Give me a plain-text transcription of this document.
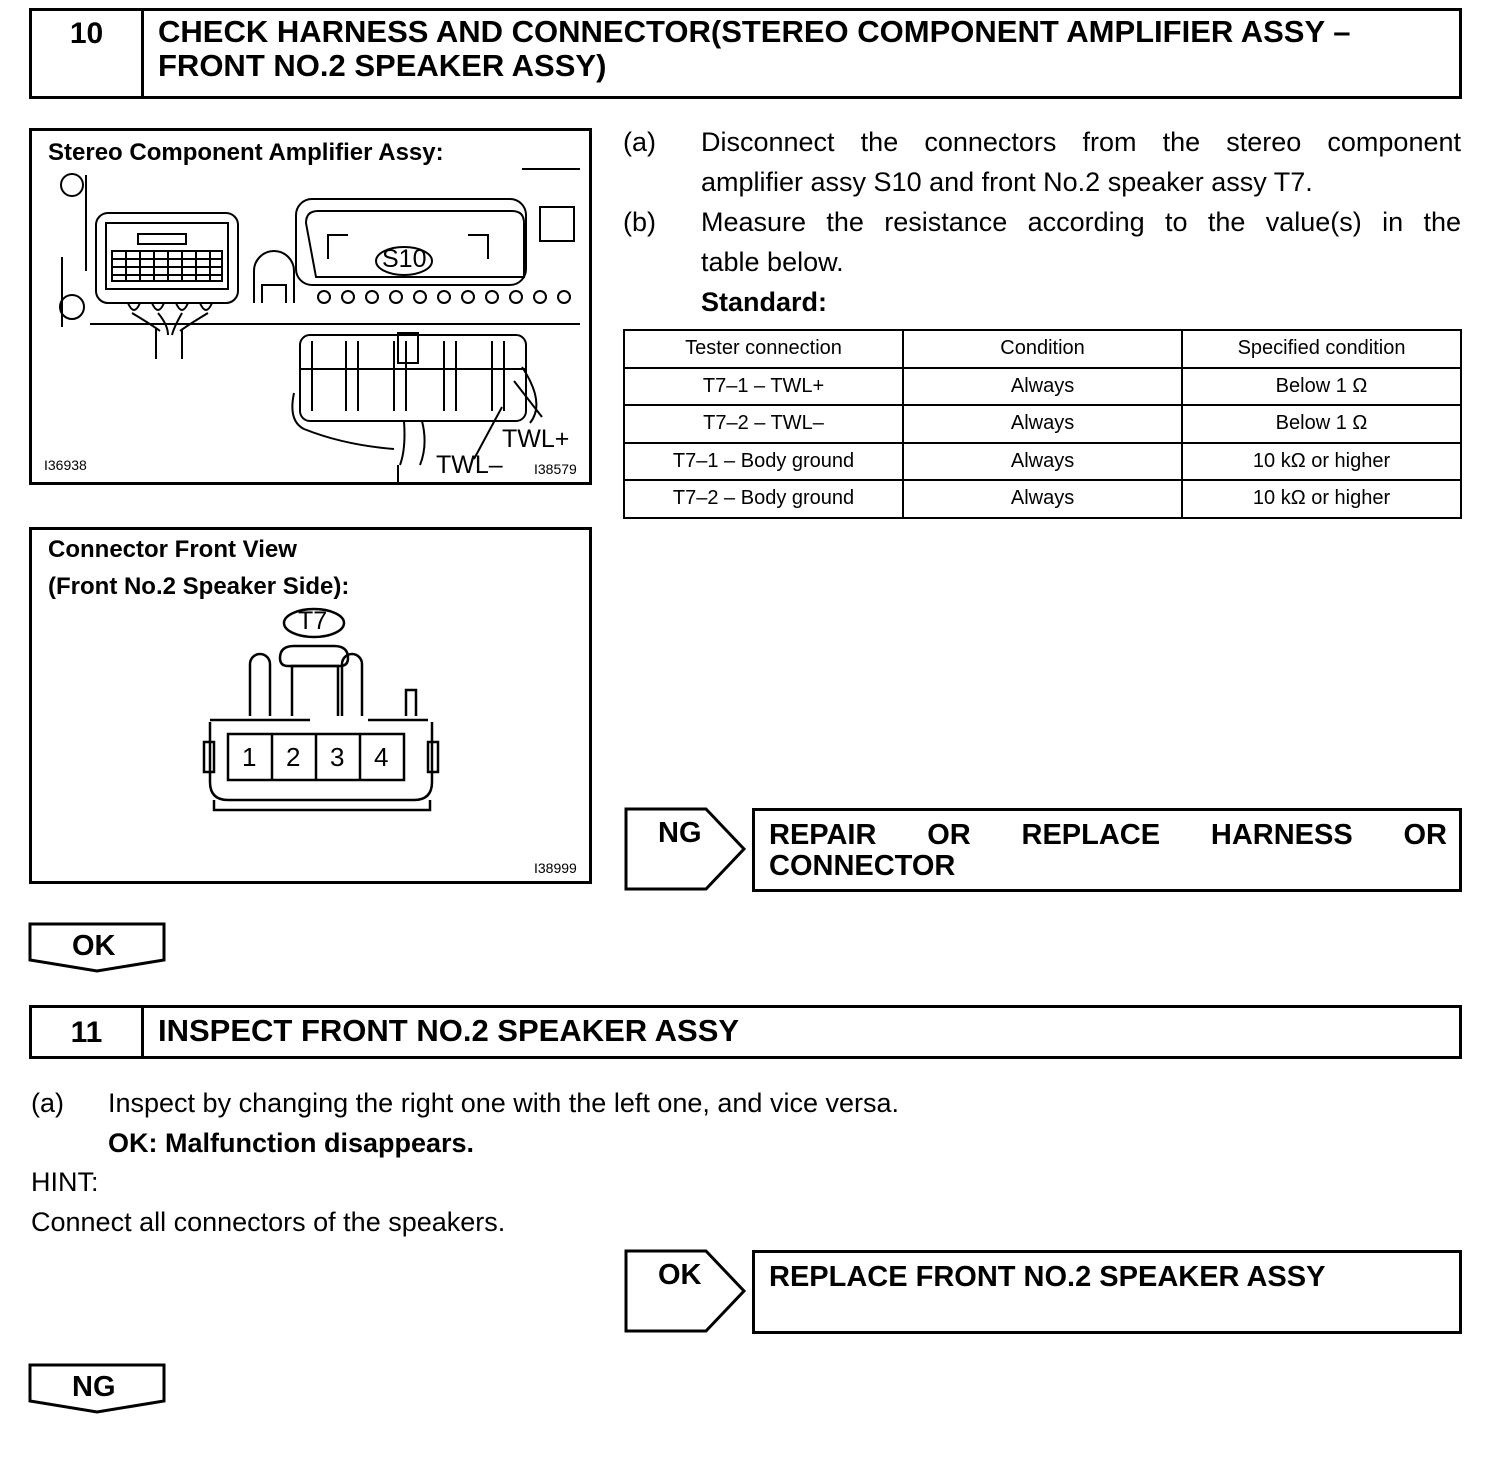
10	CHECK HARNESS AND CONNECTOR(STEREO COMPONENT AMPLIFIER ASSY –
FRONT NO.2 SPEAKER ASSY)
Stereo Component Amplifier Assy:
S10
TWL+
TWL–
I36938	I38579
Connector Front View
(Front No.2 Speaker Side):
T7
1 2 3 4
I38999
(a) Disconnect the connectors from the stereo component
amplifier assy S10 and front No.2 speaker assy T7.
(b) Measure the resistance according to the value(s) in the
table below.
Standard:
Tester connection	Condition	Specified condition
T7–1 – TWL+	Always	Below 1 Ω
T7–2 – TWL–	Always	Below 1 Ω
T7–1 – Body ground	Always	10 kΩ or higher
T7–2 – Body ground	Always	10 kΩ or higher
NG REPAIR OR REPLACE HARNESS OR
CONNECTOR
OK
11	INSPECT FRONT NO.2 SPEAKER ASSY
(a) Inspect by changing the right one with the left one, and vice versa.
OK: Malfunction disappears.
HINT:
Connect all connectors of the speakers.
OK REPLACE FRONT NO.2 SPEAKER ASSY
NG
